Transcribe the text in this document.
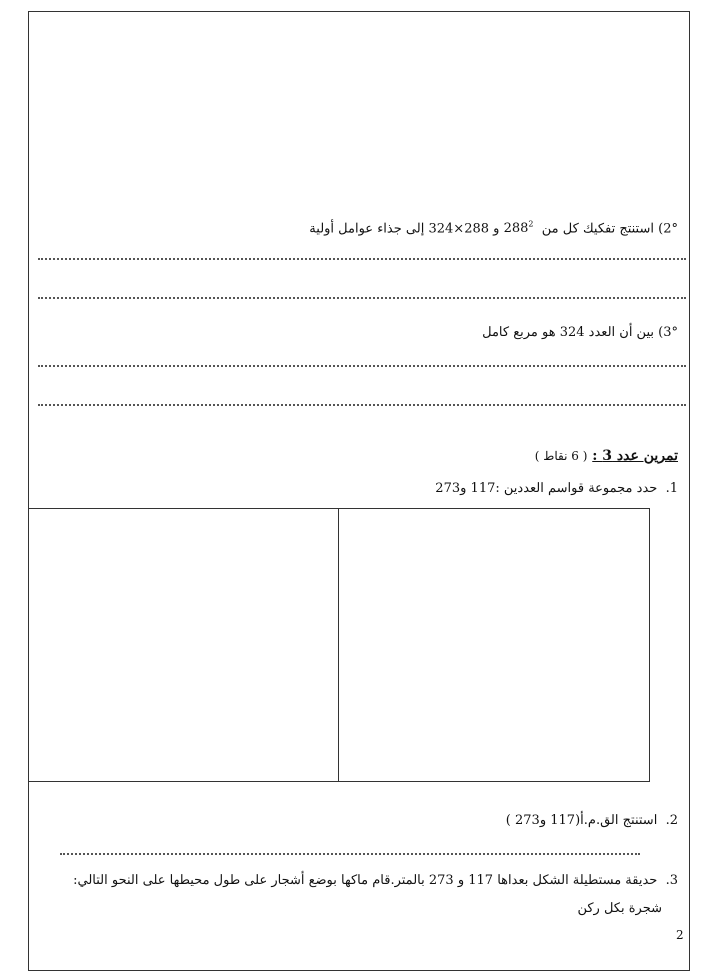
2°) استنتج تفكيك كل من  $288^2$ و 288×324 إلى جذاء عوامل أولية
3°) بين أن العدد 324 هو مربع كامل
تمرين عدد 3 : ( 6 نقاط )
1.  حدد مجموعة قواسم العددين :117 و273
2.  استنتج الق.م.أ(117 و273 )
3.  حديقة مستطيلة الشكل بعداها 117 و 273 بالمتر.قام ماكها بوضع أشجار على طول محيطها على النحو التالي:
شجرة بكل ركن
2
